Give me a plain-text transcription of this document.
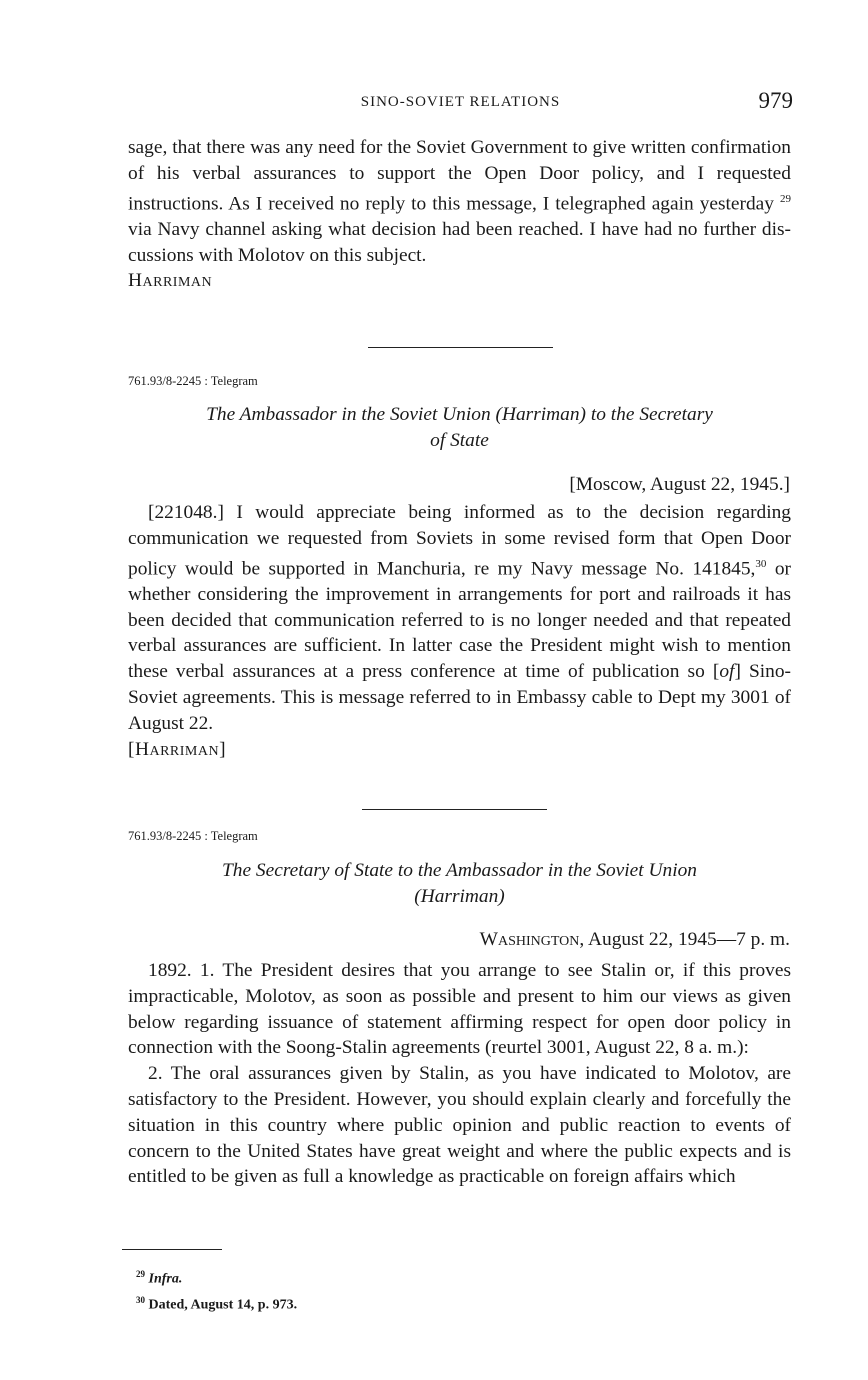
SINO-SOVIET RELATIONS	979

sage, that there was any need for the Soviet Government to give written confirmation of his verbal assurances to support the Open Door policy, and I requested instructions. As I received no reply to this message, I telegraphed again yesterday $^{29}$ via Navy channel asking what decision had been reached. I have had no further dis-cussions with Molotov on this subject.

Harriman

761.93/8-2245 : Telegram
The Ambassador in the Soviet Union (Harriman) to the Secretary
of State
[Moscow, August 22, 1945.]

[221048.] I would appreciate being informed as to the decision regarding communication we requested from Soviets in some revised form that Open Door policy would be supported in Manchuria, re my Navy message No. 141845,30 or whether considering the improvement in arrangements for port and railroads it has been decided that communication referred to is no longer needed and that repeated verbal assurances are sufficient. In latter case the President might wish to mention these verbal assurances at a press conference at time of publication so [of] Sino-Soviet agreements. This is message referred to in Embassy cable to Dept my 3001 of August 22.

[Harriman]

761.93/8-2245 : Telegram
The Secretary of State to the Ambassador in the Soviet Union
(Harriman)
Washington, August 22, 1945—7 p. m.

1892. 1. The President desires that you arrange to see Stalin or, if this proves impracticable, Molotov, as soon as possible and present to him our views as given below regarding issuance of statement affirming respect for open door policy in connection with the Soong-Stalin agreements (reurtel 3001, August 22, 8 a. m.):

2. The oral assurances given by Stalin, as you have indicated to Molotov, are satisfactory to the President. However, you should explain clearly and forcefully the situation in this country where public opinion and public reaction to events of concern to the United States have great weight and where the public expects and is entitled to be given as full a knowledge as practicable on foreign affairs which

$^{29}$ Infra.
$^{30}$ Dated, August 14, p. 973.
